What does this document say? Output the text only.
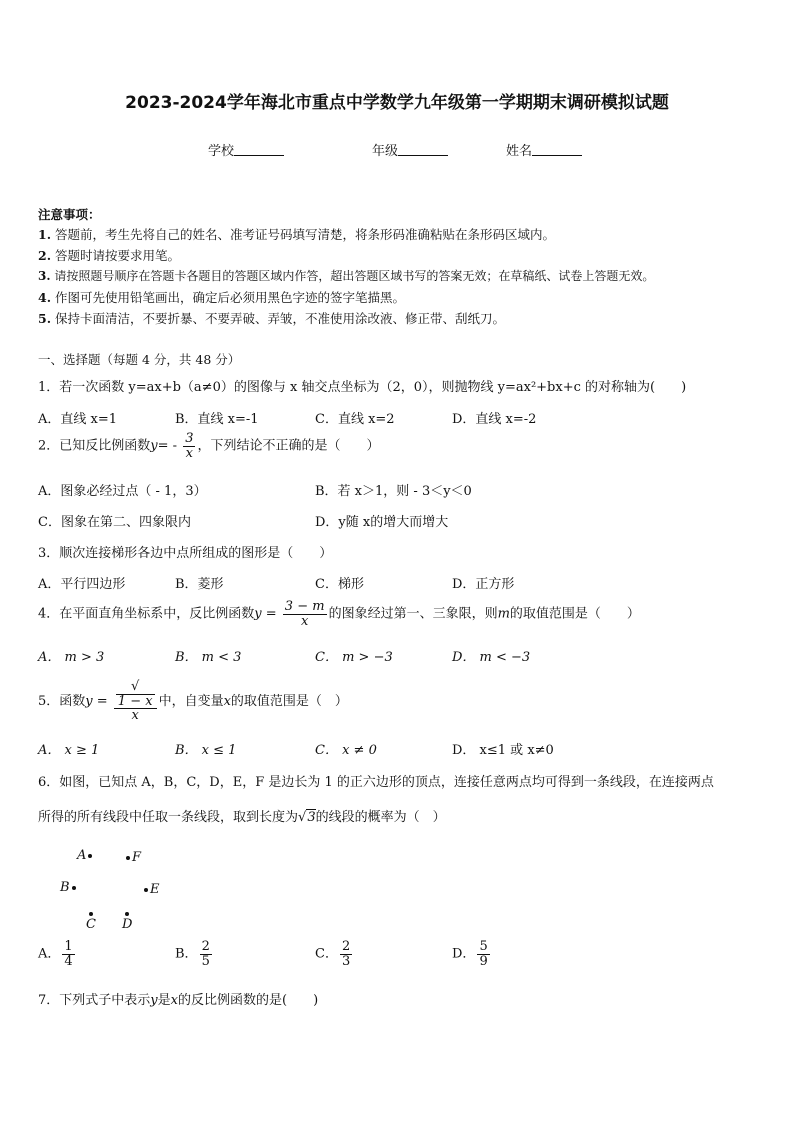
2023-2024学年海北市重点中学数学九年级第一学期期末调研模拟试题
学校	年级	姓名
注意事项：
1. 答题前，考生先将自己的姓名、准考证号码填写清楚，将条形码准确粘贴在条形码区域内。
2. 答题时请按要求用笔。
3. 请按照题号顺序在答题卡各题目的答题区域内作答，超出答题区域书写的答案无效；在草稿纸、试卷上答题无效。
4. 作图可先使用铅笔画出，确定后必须用黑色字迹的签字笔描黑。
5. 保持卡面清洁，不要折暴、不要弄破、弄皱，不准使用涂改液、修正带、刮纸刀。
一、选择题（每题 4 分，共 48 分）
1．若一次函数 y=ax+b（a≠0）的图像与 x 轴交点坐标为（2，0），则抛物线 y=ax²+bx+c 的对称轴为(　　)
A．直线 x=1	B．直线 x=-1	C．直线 x=2	D．直线 x=-2
2．已知反比例函数$y= - \frac{3}{x}$ ，下列结论不正确的是（　　）
A．图象必经过点（ - 1，3）	B．若 x＞1，则 - 3＜y＜0
C．图象在第二、四象限内	D．y随 x的增大而增大
3．顺次连接梯形各边中点所组成的图形是（　　）
A．平行四边形	B．菱形	C．梯形	D．正方形
4．在平面直角坐标系中，反比例函数$y = \frac{3 - m}{x}$ 的图象经过第一、三象限，则m的取值范围是（　　）
A． m > 3	B． m < 3	C． m > −3	D． m < −3
5．函数y = √
1 − x
x 中，自变量x的取值范围是（　）
A． x ≥ 1	B． x ≤ 1	C． x ≠ 0	D． x≤1 或 x≠0
6．如图，已知点 A，B，C，D，E，F 是边长为 1 的正六边形的顶点，连接任意两点均可得到一条线段，在连接两点
所得的所有线段中任取一条线段，取到长度为√3的线段的概率为（　）
A	F
B	E
C D
A． $\frac{1}{4}$	B． $\frac{2}{5}$	C． $\frac{2}{3}$	D． $\frac{5}{9}$
7．下列式子中表示y是x的反比例函数的是(　　)
